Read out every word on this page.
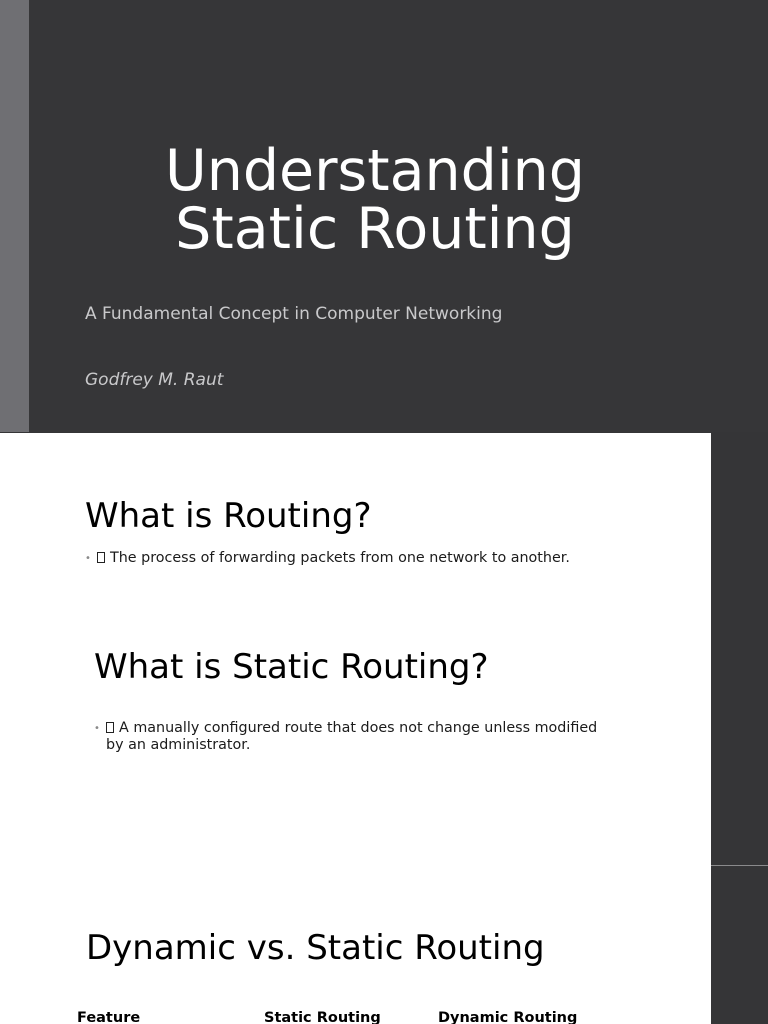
Understanding
Static Routing
A Fundamental Concept in Computer Networking
Godfrey M. Raut
What is Routing?
•	The process of forwarding packets from one network to another.
What is Static Routing?
•	A manually configured route that does not change unless modified
by an administrator.
Dynamic vs. Static Routing
Feature	Static Routing	Dynamic Routing
